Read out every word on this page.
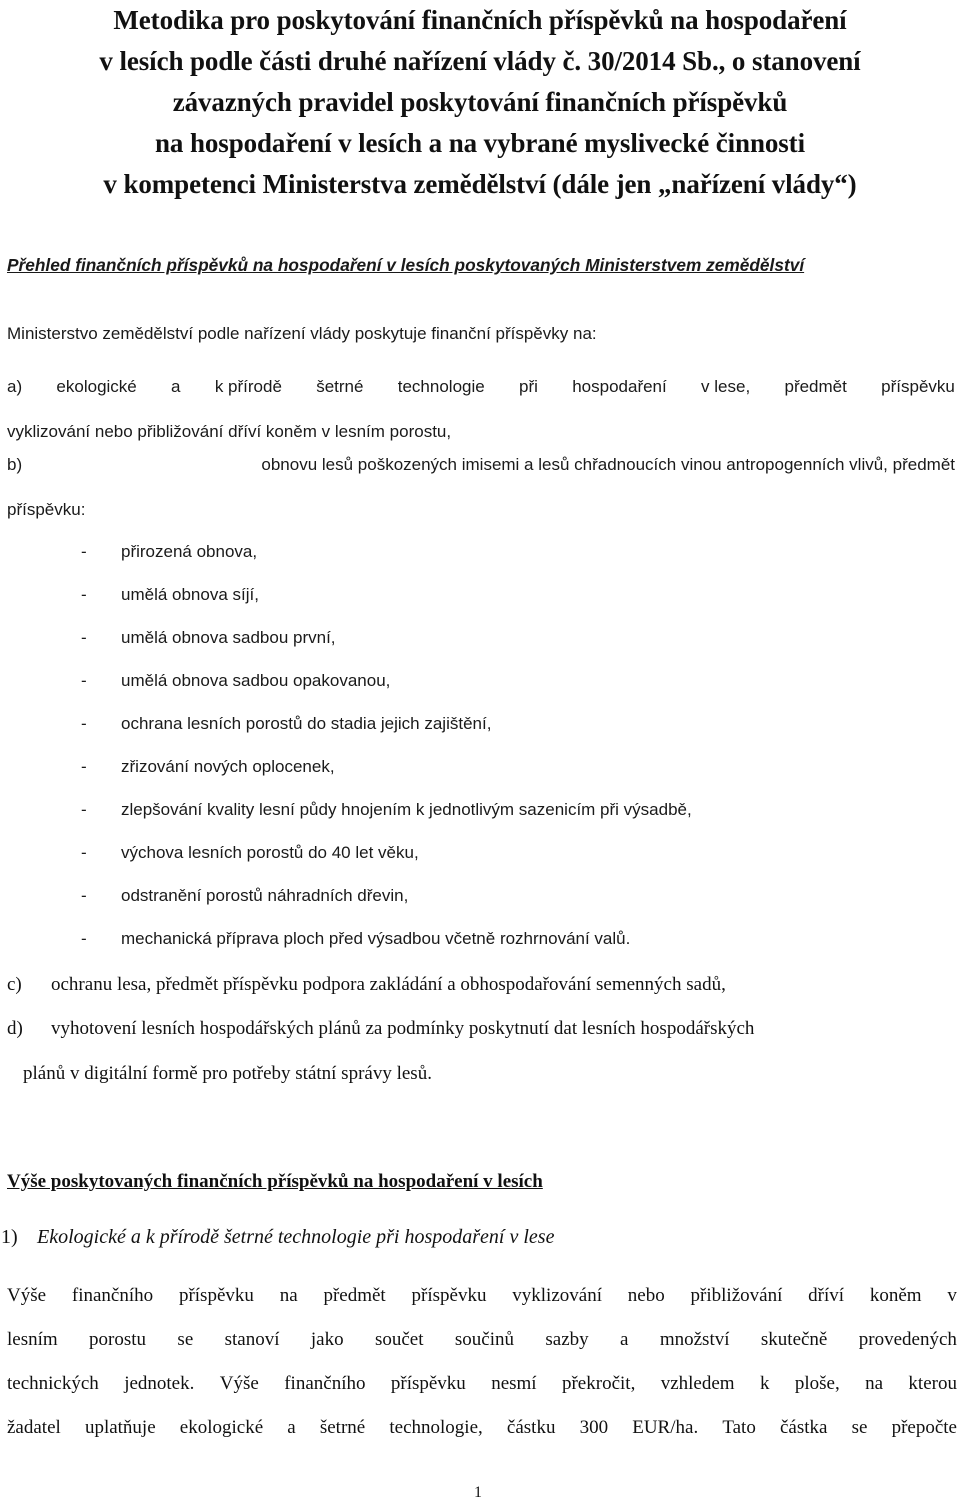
Metodika pro poskytování finančních příspěvků na hospodaření
v lesích podle části druhé nařízení vlády č. 30/2014 Sb., o stanovení
závazných pravidel poskytování finančních příspěvků
na hospodaření v lesích a na vybrané myslivecké činnosti
v kompetenci Ministerstva zemědělství (dále jen „nařízení vlády“)

Přehled finančních příspěvků na hospodaření v lesích poskytovaných Ministerstvem zemědělství

Ministerstvo zemědělství podle nařízení vlády poskytuje finanční příspěvky na:

a) ekologické a k přírodě šetrné technologie při hospodaření v lese, předmět příspěvku
vyklizování nebo přibližování dříví koněm v lesním porostu,
b)	obnovu lesů poškozených imisemi a lesů chřadnoucích vinou antropogenních vlivů, předmět
příspěvku:
-	přirozená obnova,
-	umělá obnova síjí,
-	umělá obnova sadbou první,
-	umělá obnova sadbou opakovanou,
-	ochrana lesních porostů do stadia jejich zajištění,
-	zřizování nových oplocenek,
-	zlepšování kvality lesní půdy hnojením k jednotlivým sazenicím při výsadbě,
-	výchova lesních porostů do 40 let věku,
-	odstranění porostů náhradních dřevin,
-	mechanická příprava ploch před výsadbou včetně rozhrnování valů.
c)	ochranu lesa, předmět příspěvku podpora zakládání a obhospodařování semenných sadů,
d)	vyhotovení lesních hospodářských plánů za podmínky poskytnutí dat lesních hospodářských
plánů v digitální formě pro potřeby státní správy lesů.

Výše poskytovaných finančních příspěvků na hospodaření v lesích

1) Ekologické a k přírodě šetrné technologie při hospodaření v lese

Výše finančního příspěvku na předmět příspěvku vyklizování nebo přibližování dříví koněm v
lesním porostu se stanoví jako součet součinů sazby a množství skutečně provedených
technických jednotek. Výše finančního příspěvku nesmí překročit, vzhledem k ploše, na kterou
žadatel uplatňuje ekologické a šetrné technologie, částku 300 EUR/ha. Tato částka se přepočte

1
